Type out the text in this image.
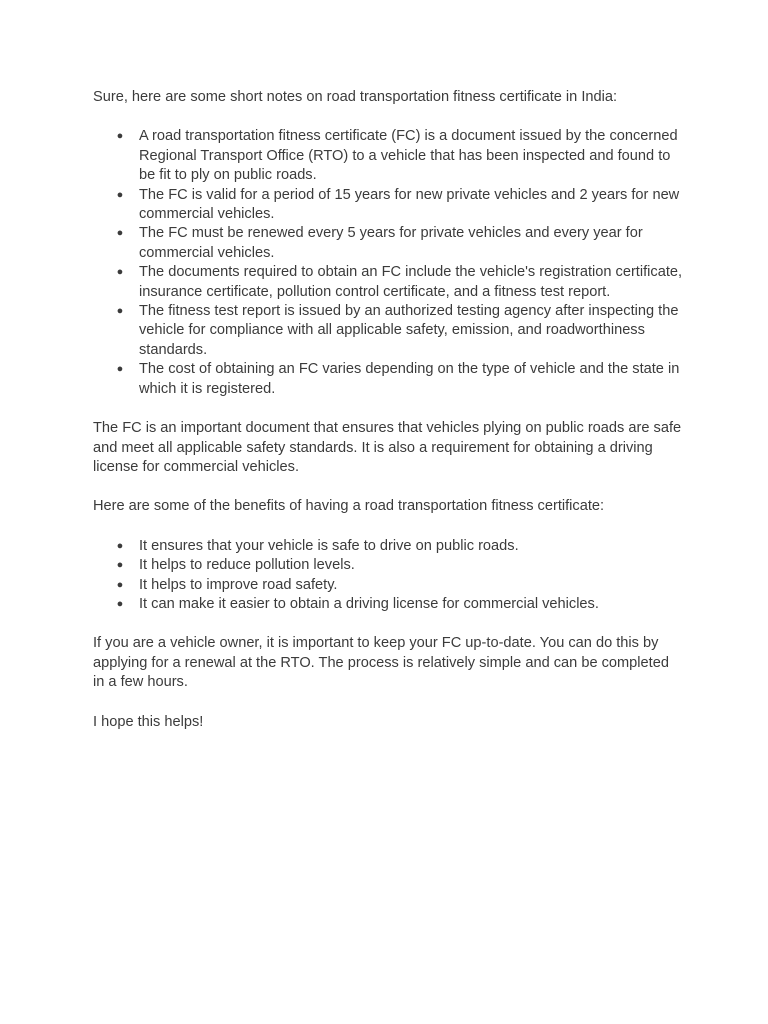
Sure, here are some short notes on road transportation fitness certificate in India:

● A road transportation fitness certificate (FC) is a document issued by the concerned Regional Transport Office (RTO) to a vehicle that has been inspected and found to be fit to ply on public roads.
● The FC is valid for a period of 15 years for new private vehicles and 2 years for new commercial vehicles.
● The FC must be renewed every 5 years for private vehicles and every year for commercial vehicles.
● The documents required to obtain an FC include the vehicle's registration certificate, insurance certificate, pollution control certificate, and a fitness test report.
● The fitness test report is issued by an authorized testing agency after inspecting the vehicle for compliance with all applicable safety, emission, and roadworthiness standards.
● The cost of obtaining an FC varies depending on the type of vehicle and the state in which it is registered.

The FC is an important document that ensures that vehicles plying on public roads are safe and meet all applicable safety standards. It is also a requirement for obtaining a driving license for commercial vehicles.

Here are some of the benefits of having a road transportation fitness certificate:

● It ensures that your vehicle is safe to drive on public roads.
● It helps to reduce pollution levels.
● It helps to improve road safety.
● It can make it easier to obtain a driving license for commercial vehicles.

If you are a vehicle owner, it is important to keep your FC up-to-date. You can do this by applying for a renewal at the RTO. The process is relatively simple and can be completed in a few hours.

I hope this helps!
